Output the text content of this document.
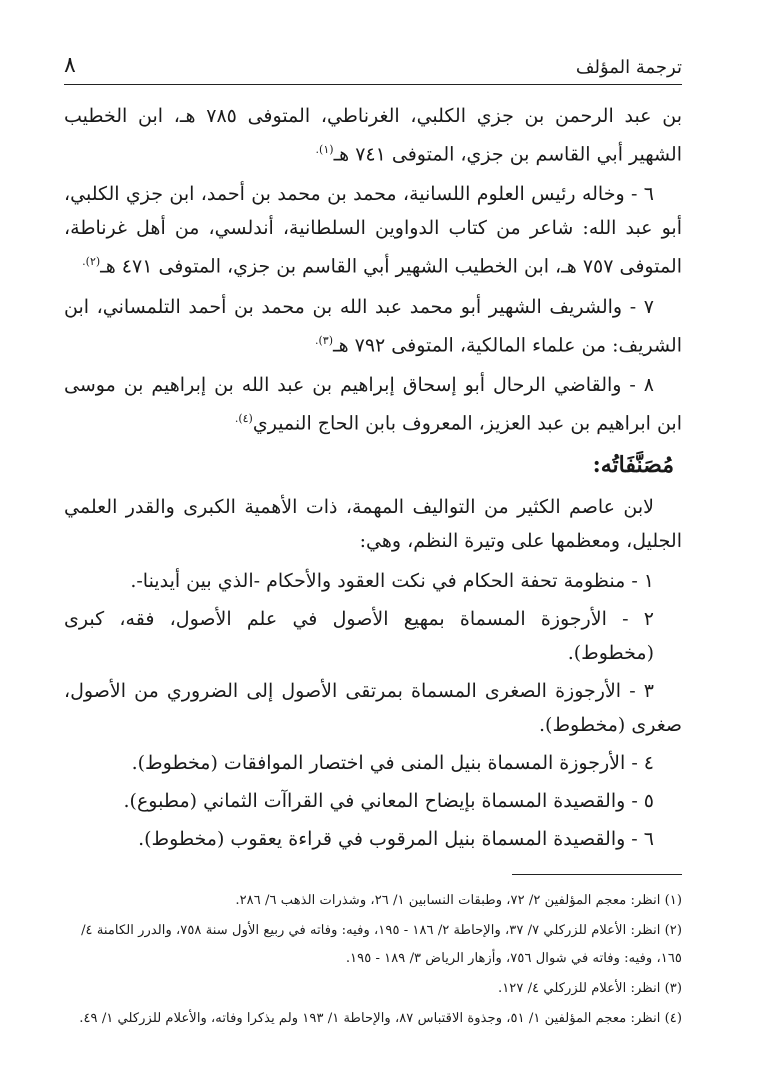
ترجمة المؤلف
٨

بن عبد الرحمن بن جزي الكلبي، الغرناطي، المتوفى ٧٨٥ هـ، ابن الخطيب الشهير أبي القاسم بن جزي، المتوفى ٧٤١ هـ$^{(١).}$

٦ - وخاله رئيس العلوم اللسانية، محمد بن محمد بن أحمد، ابن جزي الكلبي، أبو عبد الله: شاعر من كتاب الدواوين السلطانية، أندلسي، من أهل غرناطة، المتوفى ٧٥٧ هـ، ابن الخطيب الشهير أبي القاسم بن جزي، المتوفى ٤٧١ هـ$^{(٢).}$

٧ - والشريف الشهير أبو محمد عبد الله بن محمد بن أحمد التلمساني، ابن الشريف: من علماء المالكية، المتوفى ٧٩٢ هـ$^{(٣).}$

٨ - والقاضي الرحال أبو إسحاق إبراهيم بن عبد الله بن إبراهيم بن موسى ابن ابراهيم بن عبد العزيز، المعروف بابن الحاج النميري$^{(٤).}$

مُصَنَّفَاتُه:

لابن عاصم الكثير من التواليف المهمة، ذات الأهمية الكبرى والقدر العلمي الجليل، ومعظمها على وتيرة النظم، وهي:

١ - منظومة تحفة الحكام في نكت العقود والأحكام -الذي بين أيدينا-.
٢ - الأرجوزة المسماة بمهيع الأصول في علم الأصول، فقه، كبرى (مخطوط).
٣ - الأرجوزة الصغرى المسماة بمرتقى الأصول إلى الضروري من الأصول، صغرى (مخطوط).
٤ - الأرجوزة المسماة بنيل المنى في اختصار الموافقات (مخطوط).
٥ - والقصيدة المسماة بإيضاح المعاني في القراآت الثماني (مطبوع).
٦ - والقصيدة المسماة بنيل المرقوب في قراءة يعقوب (مخطوط).

(١) انظر: معجم المؤلفين ٢/ ٧٢، وطبقات النسابين ١/ ٢٦، وشذرات الذهب ٦/ ٢٨٦.

(٢) انظر: الأعلام للزركلي ٧/ ٣٧، والإحاطة ٢/ ١٨٦ - ١٩٥، وفيه: وفاته في ربيع الأول سنة ٧٥٨، والدرر الكامنة ٤/ ١٦٥، وفيه: وفاته في شوال ٧٥٦، وأزهار الرياض ٣/ ١٨٩ - ١٩٥.

(٣) انظر: الأعلام للزركلي ٤/ ١٢٧.

(٤) انظر: معجم المؤلفين ١/ ٥١، وجذوة الاقتباس ٨٧، والإحاطة ١/ ١٩٣ ولم يذكرا وفاته، والأعلام للزركلي ١/ ٤٩.
